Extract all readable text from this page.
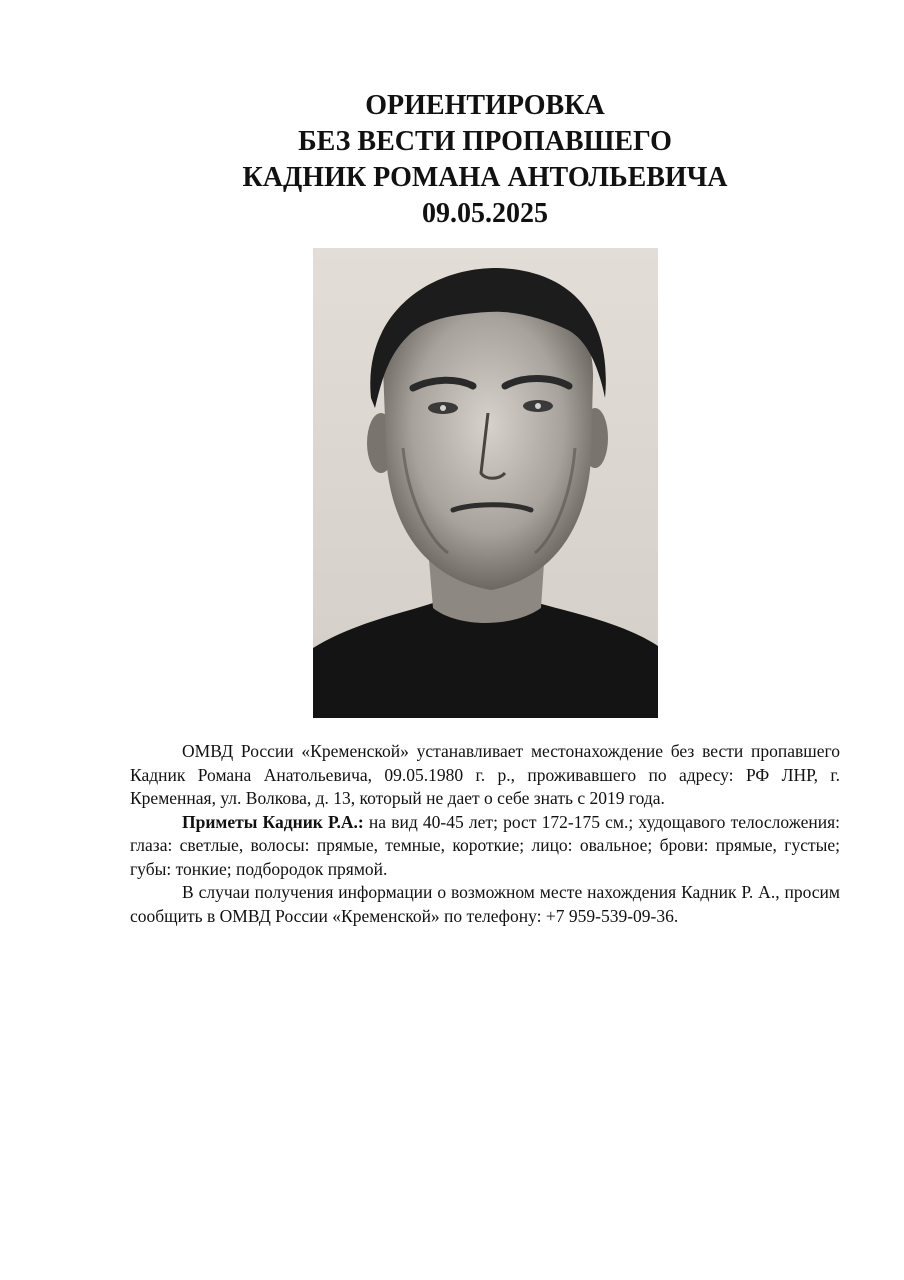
ОРИЕНТИРОВКА
БЕЗ ВЕСТИ ПРОПАВШЕГО
КАДНИК РОМАНА АНТОЛЬЕВИЧА
09.05.2025

ОМВД России «Кременской» устанавливает местонахождение без вести пропавшего Кадник Романа Анатольевича, 09.05.1980 г. р., проживавшего по адресу: РФ ЛНР, г. Кременная, ул. Волкова, д. 13, который не дает о себе знать с 2019 года.

Приметы Кадник Р.А.: на вид 40-45 лет; рост 172-175 см.; худощавого телосложения: глаза: светлые, волосы: прямые, темные, короткие; лицо: овальное; брови: прямые, густые; губы: тонкие; подбородок прямой.

В случаи получения информации о возможном месте нахождения Кадник Р. А., просим сообщить в ОМВД России «Кременской» по телефону: +7 959-539-09-36.
